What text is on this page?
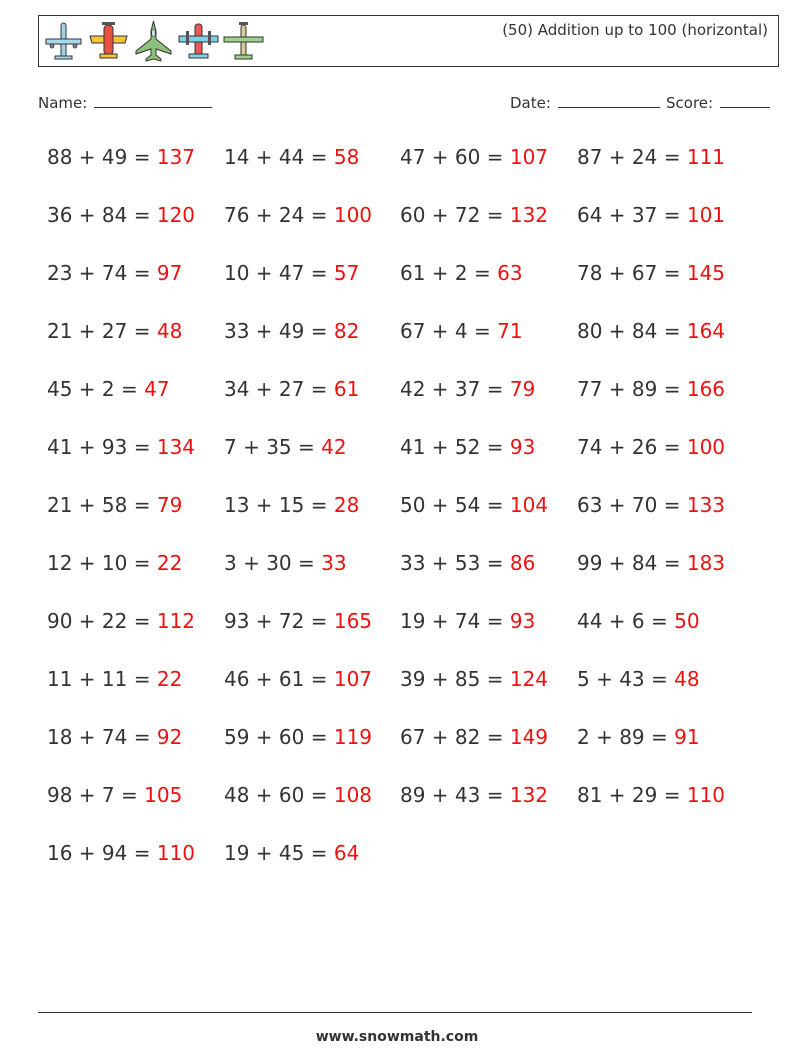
(50) Addition up to 100 (horizontal)
Name:	Date:	Score:
88 + 49 = 137 14 + 44 = 58 47 + 60 = 107 87 + 24 = 111
36 + 84 = 120 76 + 24 = 100 60 + 72 = 132 64 + 37 = 101
23 + 74 = 97 10 + 47 = 57 61 + 2 = 63	78 + 67 = 145
21 + 27 = 48 33 + 49 = 82 67 + 4 = 71	80 + 84 = 164
45 + 2 = 47	34 + 27 = 61 42 + 37 = 79 77 + 89 = 166
41 + 93 = 134 7 + 35 = 42	41 + 52 = 93 74 + 26 = 100
21 + 58 = 79 13 + 15 = 28 50 + 54 = 104 63 + 70 = 133
12 + 10 = 22 3 + 30 = 33	33 + 53 = 86 99 + 84 = 183
90 + 22 = 112 93 + 72 = 165 19 + 74 = 93 44 + 6 = 50
11 + 11 = 22 46 + 61 = 107 39 + 85 = 124 5 + 43 = 48
18 + 74 = 92 59 + 60 = 119 67 + 82 = 149 2 + 89 = 91
98 + 7 = 105 48 + 60 = 108 89 + 43 = 132 81 + 29 = 110
16 + 94 = 110 19 + 45 = 64
www.snowmath.com
